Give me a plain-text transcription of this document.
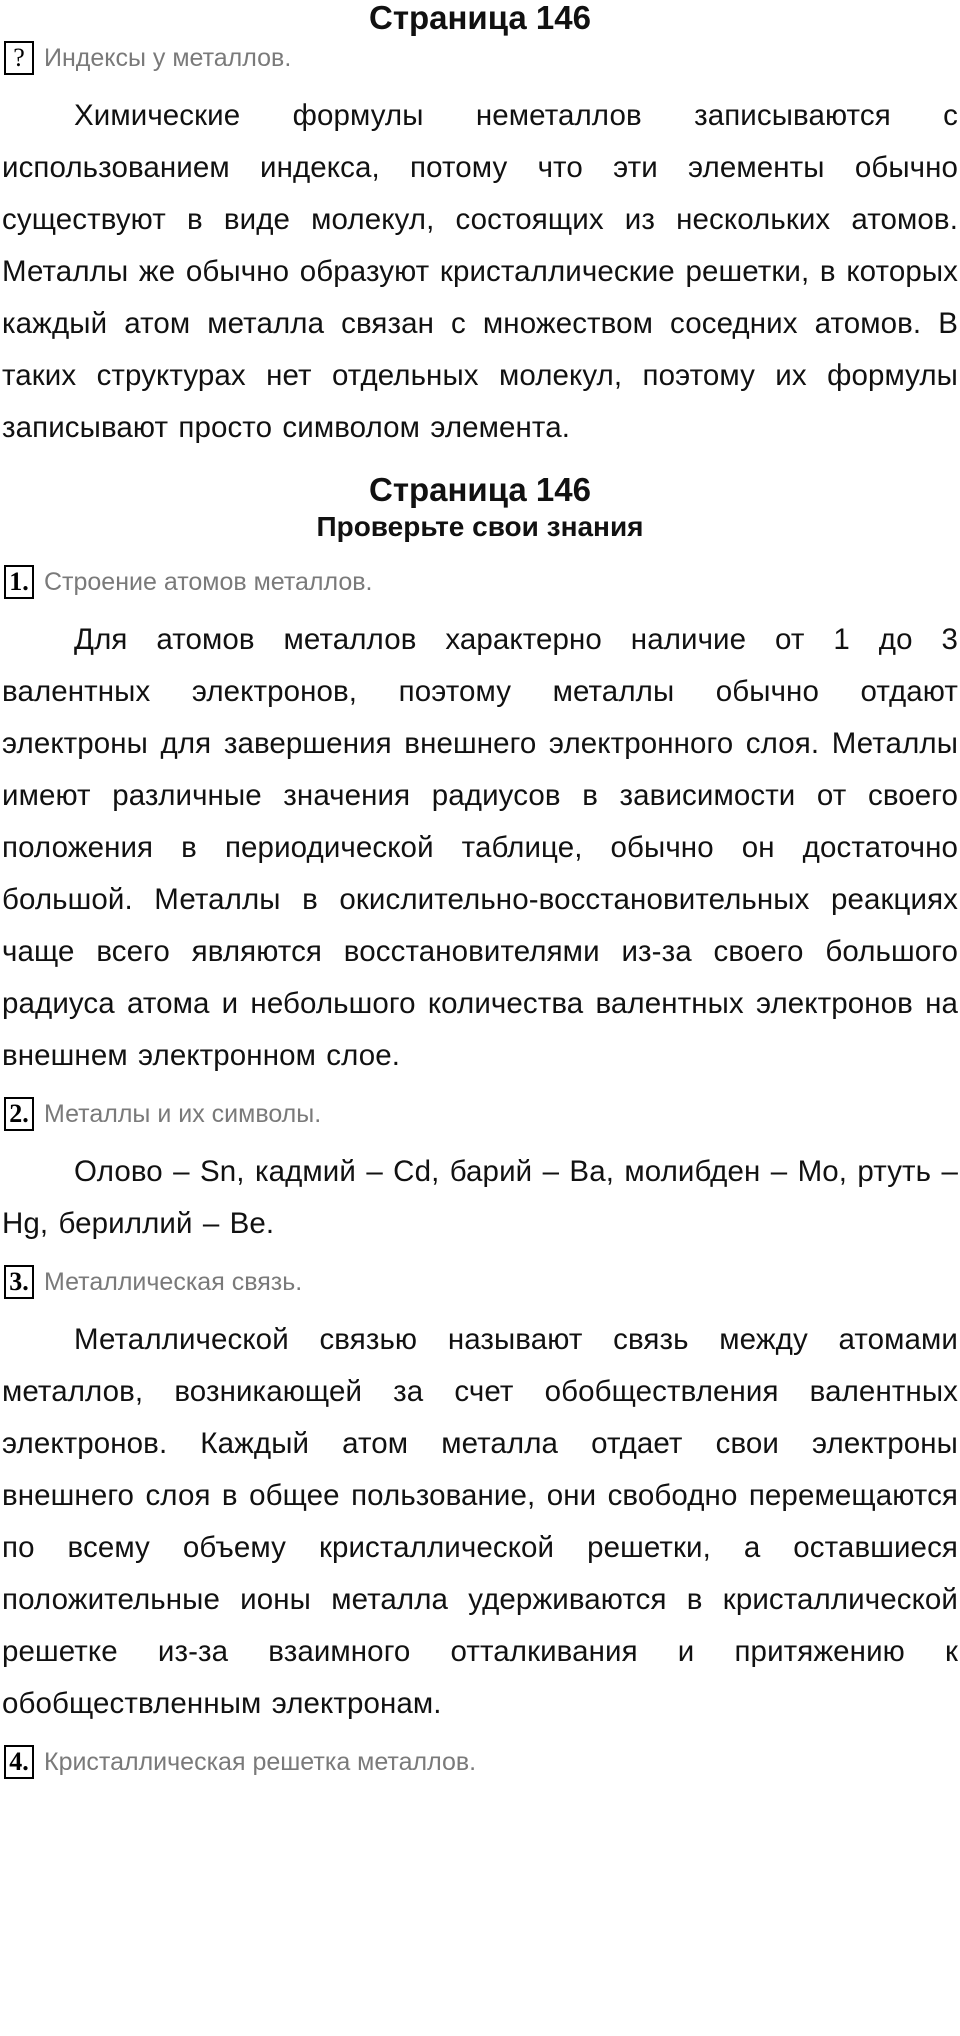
Страница 146
? Индексы у металлов.

Химические формулы неметаллов записываются с использованием индекса, потому что эти элементы обычно существуют в виде молекул, состоящих из нескольких атомов. Металлы же обычно образуют кристаллические решетки, в которых каждый атом металла связан с множеством соседних атомов. В таких структурах нет отдельных молекул, поэтому их формулы записывают просто символом элемента.

Страница 146
Проверьте свои знания
1. Строение атомов металлов.

Для атомов металлов характерно наличие от 1 до 3 валентных электронов, поэтому металлы обычно отдают электроны для завершения внешнего электронного слоя. Металлы имеют различные значения радиусов в зависимости от своего положения в периодической таблице, обычно он достаточно большой. Металлы в окислительно-восстановительных реакциях чаще всего являются восстановителями из-за своего большого радиуса атома и небольшого количества валентных электронов на внешнем электронном слое.

2. Металлы и их символы.

Олово – Sn, кадмий – Cd, барий – Ba, молибден – Mo, ртуть – Hg, бериллий – Be.

3. Металлическая связь.

Металлической связью называют связь между атомами металлов, возникающей за счет обобществления валентных электронов. Каждый атом металла отдает свои электроны внешнего слоя в общее пользование, они свободно перемещаются по всему объему кристаллической решетки, а оставшиеся положительные ионы металла удерживаются в кристаллической решетке из-за взаимного отталкивания и притяжению к обобществленным электронам.

4. Кристаллическая решетка металлов.
